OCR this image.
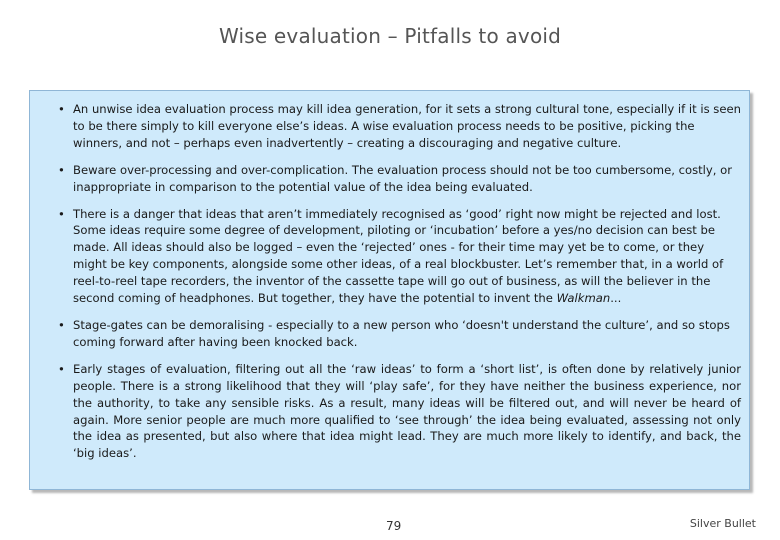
Wise evaluation – Pitfalls to avoid
• An unwise idea evaluation process may kill idea generation, for it sets a strong cultural tone, especially if it is seen to be there simply to kill everyone else’s ideas. A wise evaluation process needs to be positive, picking the winners, and not – perhaps even inadvertently – creating a discouraging and negative culture.
• Beware over-processing and over-complication. The evaluation process should not be too cumbersome, costly, or inappropriate in comparison to the potential value of the idea being evaluated.
• There is a danger that ideas that aren’t immediately recognised as ‘good’ right now might be rejected and lost. Some ideas require some degree of development, piloting or ‘incubation’ before a yes/no decision can best be made. All ideas should also be logged – even the ‘rejected’ ones - for their time may yet be to come, or they might be key components, alongside some other ideas, of a real blockbuster. Let’s remember that, in a world of reel-to-reel tape recorders, the inventor of the cassette tape will go out of business, as will the believer in the second coming of headphones. But together, they have the potential to invent the Walkman...
• Stage-gates can be demoralising - especially to a new person who ‘doesn't understand the culture’, and so stops coming forward after having been knocked back.
• Early stages of evaluation, filtering out all the ‘raw ideas’ to form a ‘short list’, is often done by relatively junior people. There is a strong likelihood that they will ‘play safe’, for they have neither the business experience, nor the authority, to take any sensible risks. As a result, many ideas will be filtered out, and will never be heard of again. More senior people are much more qualified to ‘see through’ the idea being evaluated, assessing not only the idea as presented, but also where that idea might lead. They are much more likely to identify, and back, the ‘big ideas’.
79	Silver Bullet
